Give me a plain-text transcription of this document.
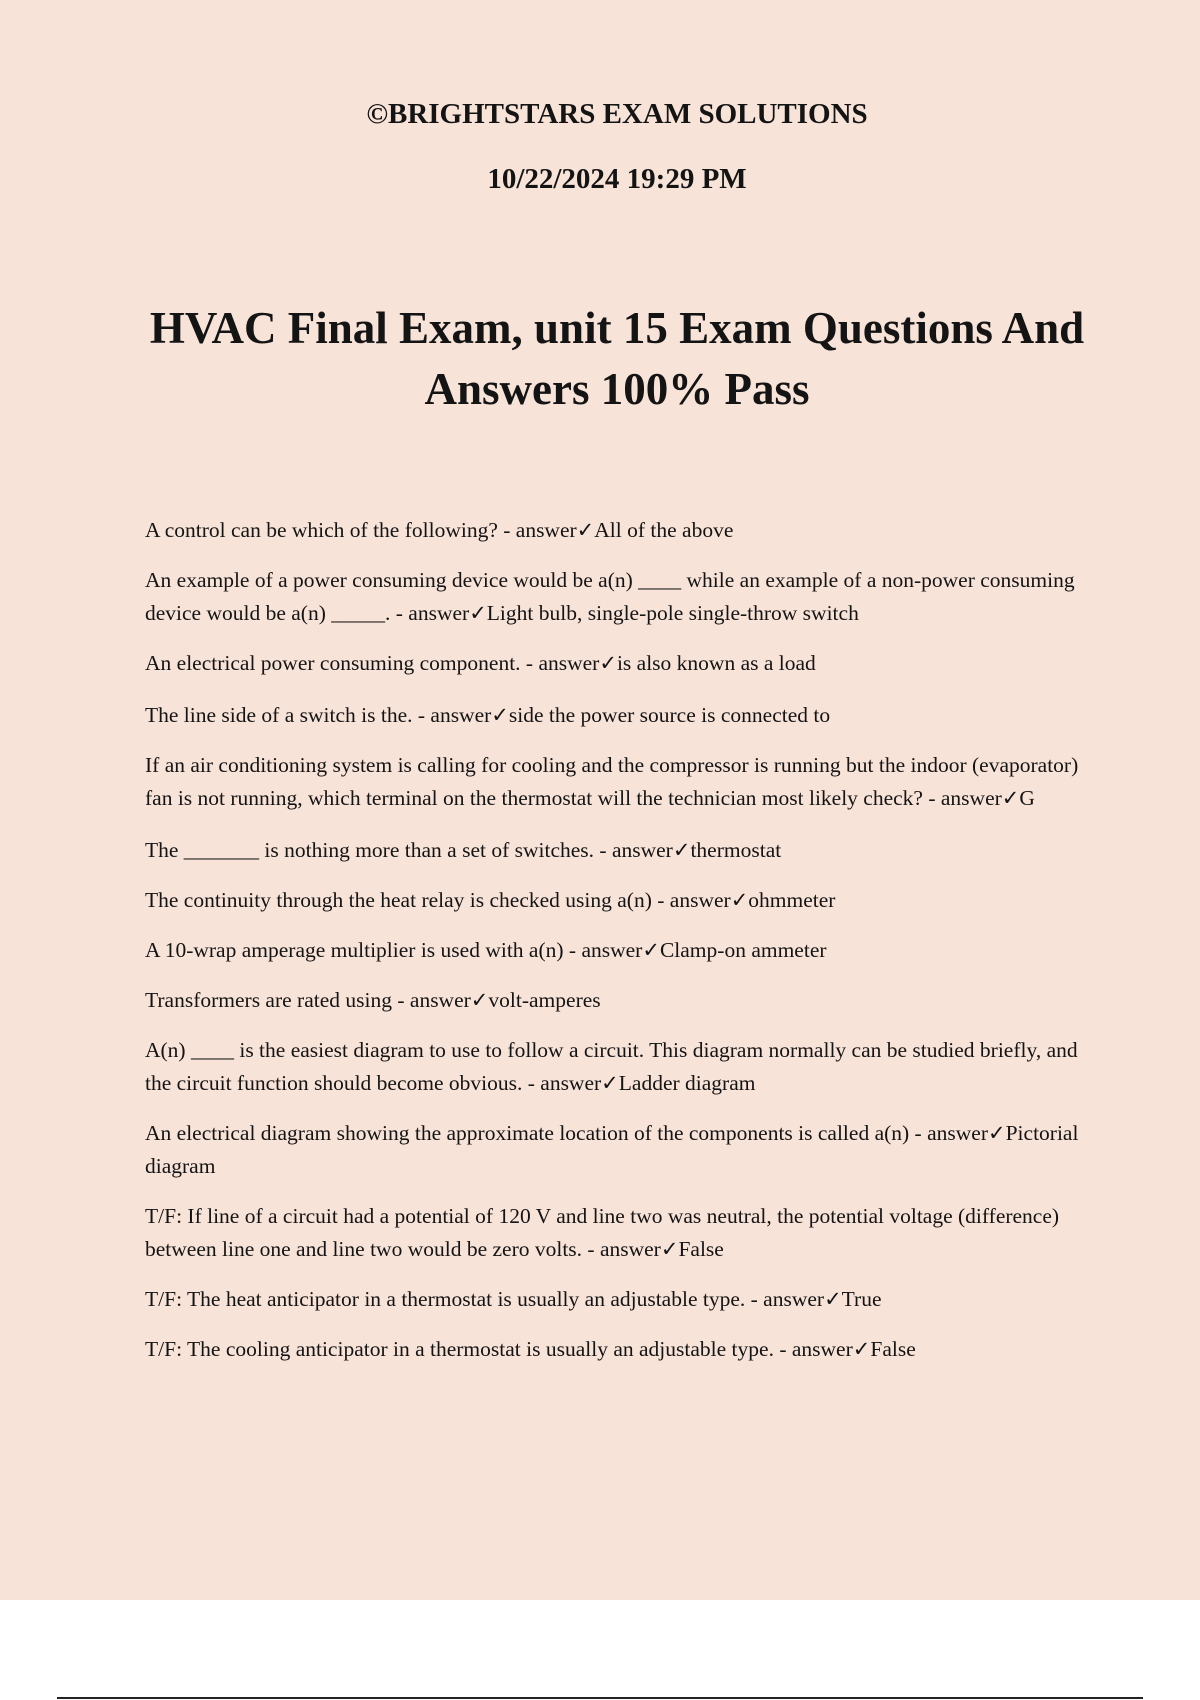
©BRIGHTSTARS EXAM SOLUTIONS

10/22/2024 19:29 PM

HVAC Final Exam, unit 15 Exam Questions And Answers 100% Pass
A control can be which of the following? - answer✓All of the above
An example of a power consuming device would be a(n) ____ while an example of a non-power consuming device would be a(n) _____. - answer✓Light bulb, single-pole single-throw switch
An electrical power consuming component. - answer✓is also known as a load
The line side of a switch is the. - answer✓side the power source is connected to
If an air conditioning system is calling for cooling and the compressor is running but the indoor (evaporator) fan is not running, which terminal on the thermostat will the technician most likely check? - answer✓G
The _______ is nothing more than a set of switches. - answer✓thermostat
The continuity through the heat relay is checked using a(n) - answer✓ohmmeter
A 10-wrap amperage multiplier is used with a(n) - answer✓Clamp-on ammeter
Transformers are rated using - answer✓volt-amperes
A(n) ____ is the easiest diagram to use to follow a circuit. This diagram normally can be studied briefly, and the circuit function should become obvious. - answer✓Ladder diagram
An electrical diagram showing the approximate location of the components is called a(n) - answer✓Pictorial diagram
T/F: If line of a circuit had a potential of 120 V and line two was neutral, the potential voltage (difference) between line one and line two would be zero volts. - answer✓False
T/F: The heat anticipator in a thermostat is usually an adjustable type. - answer✓True
T/F: The cooling anticipator in a thermostat is usually an adjustable type. - answer✓False
